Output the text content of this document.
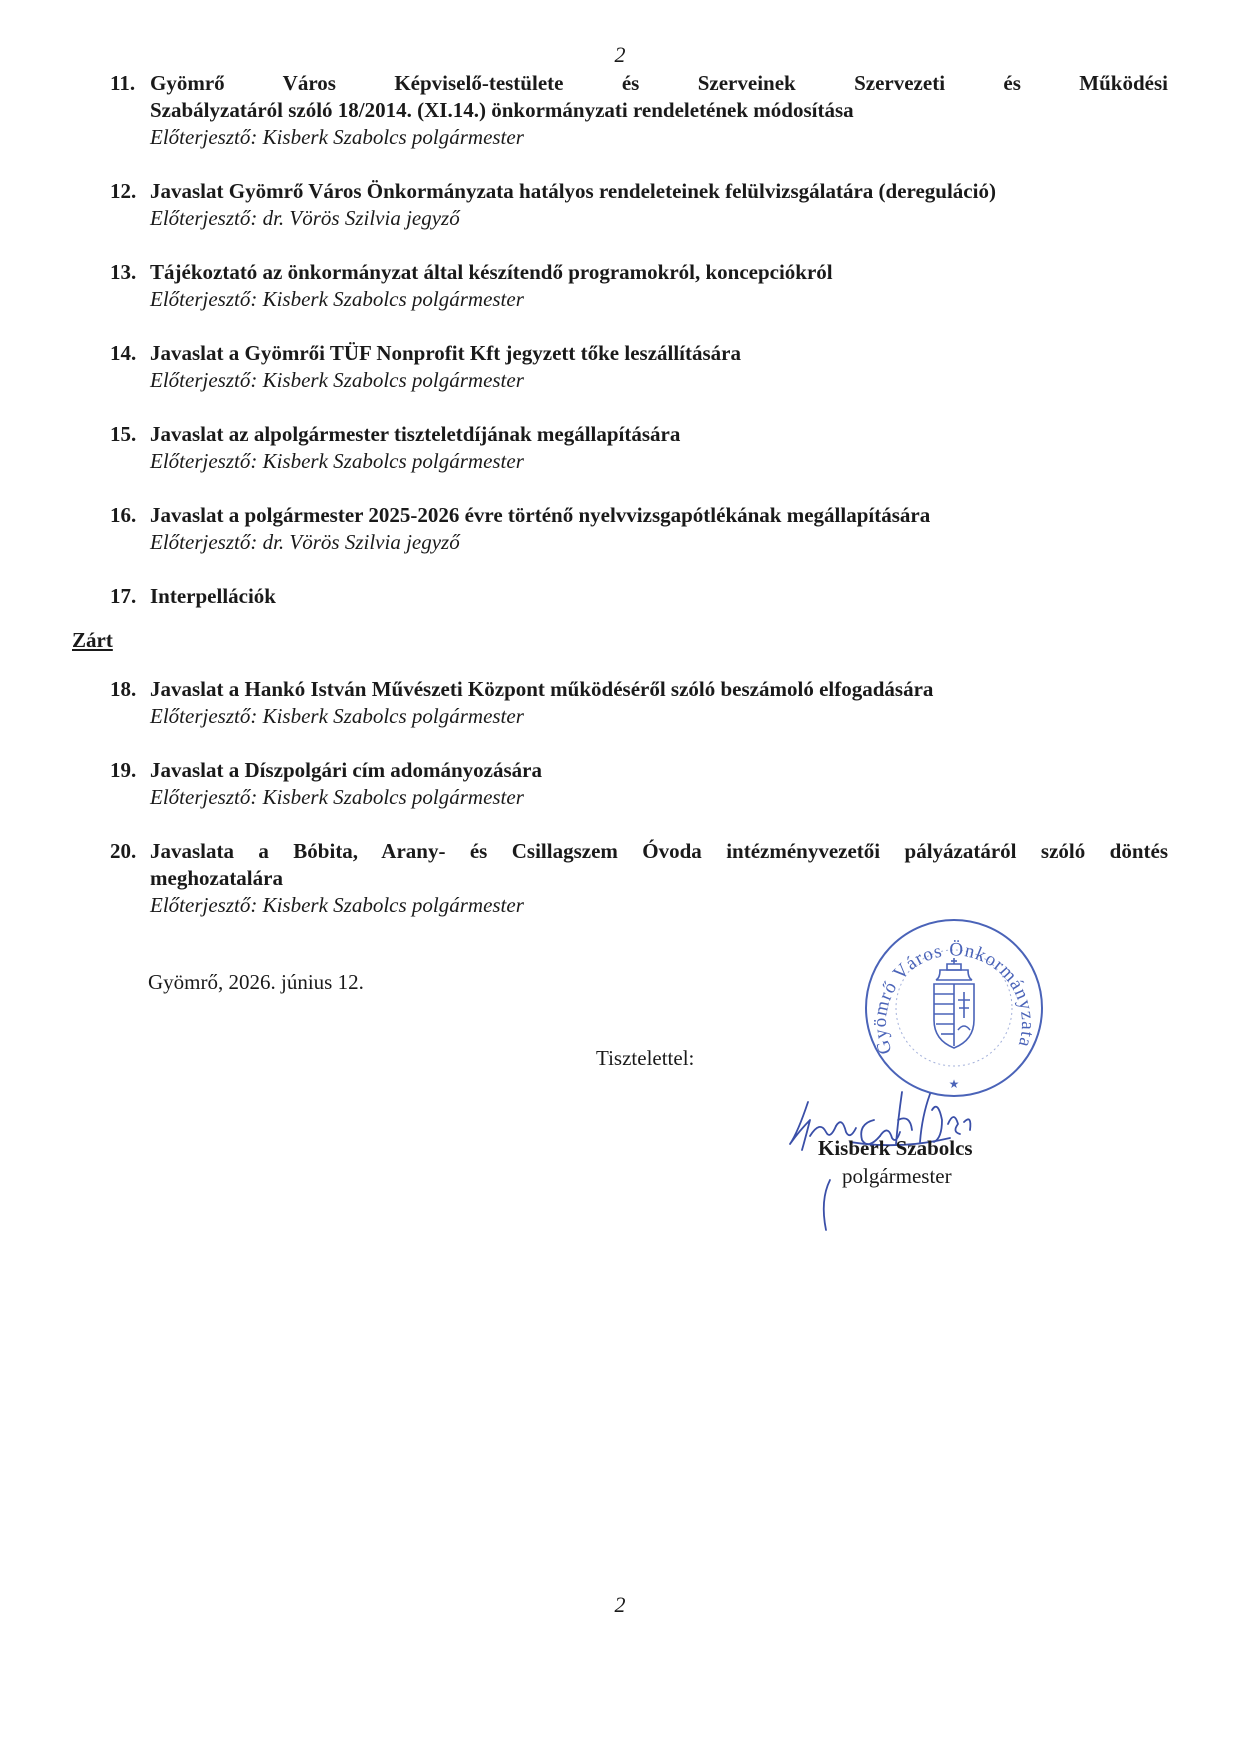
2
11. Gyömrő Város Képviselő-testülete és Szerveinek Szervezeti és Működési
Szabályzatáról szóló 18/2014. (XI.14.) önkormányzati rendeletének módosítása
Előterjesztő: Kisberk Szabolcs polgármester
12. Javaslat Gyömrő Város Önkormányzata hatályos rendeleteinek felülvizsgálatára (dereguláció)
Előterjesztő: dr. Vörös Szilvia jegyző
13. Tájékoztató az önkormányzat által készítendő programokról, koncepciókról
Előterjesztő: Kisberk Szabolcs polgármester
14. Javaslat a Gyömrői TÜF Nonprofit Kft jegyzett tőke leszállítására
Előterjesztő: Kisberk Szabolcs polgármester
15. Javaslat az alpolgármester tiszteletdíjának megállapítására
Előterjesztő: Kisberk Szabolcs polgármester
16. Javaslat a polgármester 2025-2026 évre történő nyelvvizsgapótlékának megállapítására
Előterjesztő: dr. Vörös Szilvia jegyző
17. Interpellációk
Zárt
18. Javaslat a Hankó István Művészeti Központ működéséről szóló beszámoló elfogadására
Előterjesztő: Kisberk Szabolcs polgármester
19. Javaslat a Díszpolgári cím adományozására
Előterjesztő: Kisberk Szabolcs polgármester
20. Javaslata a Bóbita, Arany- és Csillagszem Óvoda intézményvezetői pályázatáról szóló döntés
meghozatalára
Előterjesztő: Kisberk Szabolcs polgármester
Gyömrő, 2026. június 12.
Tisztelettel:	Gyömrő Város Önkormányzata
★
Kisberk Szabolcs
polgármester
2
